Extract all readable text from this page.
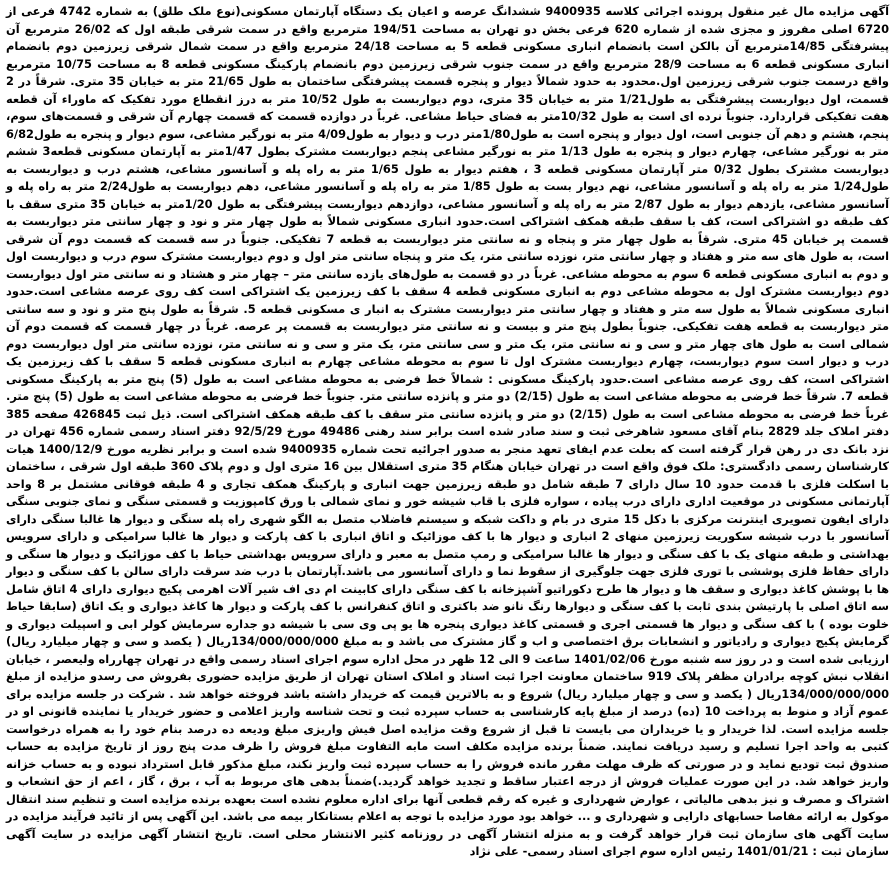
آگهی مزایده مال غیر منقول پرونده اجرائی کلاسه 9400935 ششدانگ عرصه و اعیان یک دستگاه آپارتمان مسکونی(نوع ملک طلق) به شماره 4742 فرعی از 6720 اصلی مفروز و مجزی شده از شماره 620 فرعی بخش دو تهران به مساحت 194/51 مترمربع واقع در سمت شرقی طبقه اول که 26/02 مترمربع آن پیشرفتگی 14/85مترمربع آن بالکن است بانضمام انباری مسکونی قطعه 5 به مساحت 24/18 مترمربع واقع در سمت شمال شرقی زیرزمین دوم بانضمام انباری مسکونی قطعه 6 به مساحت 28/9 مترمربع واقع در سمت جنوب شرقی زیرزمین دوم بانضمام پارکینگ مسکونی قطعه 8 به مساحت 10/75 مترمربع واقع درسمت جنوب شرقی زیرزمین اول.محدود به حدود شمالاً دیوار و پنجره قسمت پیشرفتگی ساختمان به طول 21/65 متر به خیابان 35 متری. شرقاً در 2 قسمت، اول دیواربست پیشرفتگی به طول1/21 متر به خیابان 35 متری، دوم دیواربست به طول 10/52 متر به درز انقطاع مورد تفکیک که ماوراء آن قطعه هفت تفکیکی قراردارد. جنوباً نرده ای است به طول 10/32متر به فضای حیاط مشاعی. غرباً در دوازده قسمت که قسمت چهارم آن شرقی و قسمت‌های سوم، پنجم، هشتم و دهم آن جنوبی است، اول دیوار و پنجره است به طول1/80متر درب و دیوار به طول4/09 متر به نورگیر مشاعی، سوم دیوار و پنجره به طول6/82 متر به نورگیر مشاعی، چهارم دیوار و پنجره به طول 1/13 متر به نورگیر مشاعی پنجم دیواربست مشترک بطول 1/47متر به آپارتمان مسکونی قطعه3 ششم دیواربست مشترک بطول 0/32 متر آپارتمان مسکونی قطعه 3 ، هفتم دیوار به طول 1/65 متر به راه پله و آسانسور مشاعی، هشتم درب و دیواربست به طول1/24 متر به راه پله و آسانسور مشاعی، نهم دیوار بست به طول 1/85 متر به راه پله و آسانسور مشاعی، دهم دیواربست به طول2/24 متر به راه پله و آسانسور مشاعی، یازدهم دیوار به طول 2/87 متر به راه پله و آسانسور مشاعی، دوازدهم دیواربست پیشرفتگی به طول 1/20متر به خیابان 35 متری سقف با کف طبقه دو اشتراکی است، کف با سقف طبقه همکف اشتراکی است.حدود انباری مسکونی شمالاً به طول چهار متر و نود و چهار سانتی متر دیواربست به قسمت پر خیابان 45 متری. شرقاً به طول چهار متر و پنجاه و نه سانتی متر دیواربست به قطعه 7 تفکیکی. جنوباً در سه قسمت که قسمت دوم آن شرقی است، به طول های سه متر و هفتاد و چهار سانتی متر، نوزده سانتی متر، یک متر و پنجاه سانتی متر اول و دوم دیواربست مشترک سوم درب و دیواربست اول و دوم به انباری مسکونی قطعه 6 سوم به محوطه مشاعی. غرباً در دو قسمت به طول‌های یازده سانتی متر – چهار متر و هشتاد و نه سانتی متر اول دیواربست دوم دیواربست مشترک اول به محوطه مشاعی دوم به انباری مسکونی قطعه 4 سقف با کف زیرزمین یک اشتراکی است کف روی عرصه مشاعی است.حدود انباری مسکونی شمالاً به طول سه متر و هفتاد و چهار سانتی متر دیواربست مشترک به انبار ی مسکونی قطعه 5. شرقاً به طول پنج متر و نود و سه سانتی متر دیواربست به قطعه هفت تفکیکی. جنوباً بطول پنج متر و بیست و نه سانتی متر دیواربست به قسمت پر عرصه. غرباً در چهار قسمت که قسمت دوم آن شمالی است به طول های چهار متر و سی و نه سانتی متر، یک متر و سی سانتی متر، یک متر و سی و نه سانتی متر، نوزده سانتی متر اول دیواربست دوم درب و دیوار است سوم دیواربست، چهارم دیواربست مشترک اول تا سوم به محوطه مشاعی چهارم به انباری مسکونی قطعه 5 سقف با کف زیرزمین یک اشتراکی است، کف روی عرصه مشاعی است.حدود پارکینگ مسکونی : شمالاً خط فرضی به محوطه مشاعی است به طول (5) پنج متر به پارکینگ مسکونی قطعه 7. شرقاً خط فرضی به محوطه مشاعی است به طول (2/15) دو متر و پانزده سانتی متر. جنوباً خط فرضی به محوطه مشاعی است به طول (5) پنج متر. غرباً خط فرضی به محوطه مشاعی است به طول (2/15) دو متر و پانزده سانتی متر سقف با کف طبقه همکف اشتراکی است. ذیل ثبت 426845 صفحه 385 دفتر املاک جلد 2829 بنام آقای مسعود شاهرخی ثبت و سند صادر شده است برابر سند رهنی 49486 مورخ 92/5/29 دفتر اسناد رسمی شماره 456 تهران در نزد بانک دی در رهن قرار گرفته است که بعلت عدم ایفای تعهد منجر به صدور اجرائیه تحت شماره 9400935 شده است و برابر نظریه مورخ 1400/12/9 هیات کارشناسان رسمی دادگستری: ملک فوق واقع است در تهران خیابان هنگام 35 متری استقلال بین 16 متری اول و دوم پلاک 360 طبقه اول شرقی ، ساختمان با اسکلت فلزی با قدمت حدود 10 سال دارای 7 طبقه شامل دو طبقه زیرزمین جهت انباری و پارکینگ همکف تجاری و 4 طبقه فوقانی مشتمل بر 8 واحد آپارتمانی مسکونی در موقعیت اداری دارای درب پیاده ، سواره فلزی با قاب شیشه خور و نمای شمالی با ورق کامپوزیت و قسمتی سنگی و نمای جنوبی سنگی دارای ایفون تصویری اینترنت مرکزی با دکل 15 متری در بام و داکت شبکه و سیستم فاضلاب متصل به الگو شهری راه پله سنگی و دیوار ها غالبا سنگی دارای آسانسور با درب شیشه سکوریت زیرزمین منهای 2 انباری و دیوار ها با کف موزائیک و اتاق انباری با کف پارکت و دیوار ها غالبا سرامیکی و دارای سرویس بهداشتی و طبقه منهای یک با کف سنگی و دیوار ها غالبا سرامیکی و رمپ متصل به معبر و دارای سرویس بهداشتی حیاط با کف موزائیک و دیوار ها سنگی و دارای حفاظ فلزی پوششی با توری فلزی جهت جلوگیری از سقوط نما و دارای آسانسور می باشد.آپارتمان با درب ضد سرقت دارای سالن با کف سنگی و دیوار ها با پوشش کاغذ دیواری و سقف ها و دیوار ها طرح دکوراتیو آشپزخانه با کف سنگی دارای کابینت ام دی اف شیر آلات اهرمی پکیج دیواری دارای 4 اتاق شامل سه اتاق اصلی با پارتیشن بندی ثابت با کف سنگی و دیوارها رنگ نانو ضد باکتری و اتاق کنفرانس با کف پارکت و دیوار ها کاغذ دیواری و یک اتاق (سابقا حیاط خلوت بوده ) با کف سنگی و دیوار ها قسمتی اجری و قسمتی کاغذ دیواری پنجره ها یو پی وی سی با شیشه دو جداره سرمایش کولر ابی و اسپیلت دیواری و گرمایش پکیج دیواری و رادیاتور و انشعابات برق اختصاصی و اب و گاز مشترک می باشد و به مبلغ 134/000/000/000ریال ( یکصد و سی و چهار میلیارد ریال) ارزیابی شده است و در روز سه شنبه مورخ 1401/02/06 ساعت 9 الی 12 ظهر در محل اداره سوم اجرای اسناد رسمی واقع در تهران چهارراه ولیعصر ، خیابان انقلاب نبش کوچه برادران مظفر پلاک 919 ساختمان معاونت اجرا ثبت اسناد و املاک استان تهران از طریق مزایده حضوری بفروش می رسدو مزایده از مبلغ 134/000/000/000ریال ( یکصد و سی و چهار میلیارد ریال) شروع و به بالاترین قیمت که خریدار داشته باشد فروخته خواهد شد . شرکت در جلسه مزایده برای عموم آزاد و منوط به پرداخت 10 (ده) درصد از مبلغ پایه کارشناسی به حساب سپرده ثبت و تحت شناسه واریز اعلامی و حضور خریدار یا نماینده قانونی او در جلسه مزایده است. لذا خریدار و یا خریداران می بایست تا قبل از شروع وقت مزایده اصل فیش واریزی مبلغ ودیعه ده درصد بنام خود را به همراه درخواست کتبی به واحد اجرا تسلیم و رسید دریافت نمایند. ضمناً برنده مزایده مکلف است مابه التفاوت مبلغ فروش را ظرف مدت پنج روز از تاریخ مزایده به حساب صندوق ثبت تودیع نماید و در صورتی که ظرف مهلت مقرر مانده فروش را به حساب سپرده ثبت واریز نکند، مبلغ مذکور قابل استرداد نبوده و به حساب خزانه واریز خواهد شد. در این صورت عملیات فروش از درجه اعتبار ساقط و تجدید خواهد گردید.)ضمناً بدهی های مربوط به آب ، برق ، گاز ، اعم از حق انشعاب و اشتراک و مصرف و نیز بدهی مالیاتی ، عوارض شهرداری و غیره که رقم قطعی آنها برای اداره معلوم نشده است بعهده برنده مزایده است و تنظیم سند انتقال موکول به ارائه مفاصا حسابهای دارایی و شهرداری و ... خواهد بود مورد مزایده با توجه به اعلام بستانکار بیمه می باشد. این آگهی پس از تائید فرآیند مزایده در سایت آگهی های سازمان ثبت قرار خواهد گرفت و به منزله انتشار آگهی در روزنامه کثیر الانتشار محلی است. تاریخ انتشار آگهی مزایده در سایت آگهی سازمان ثبت : 1401/01/21 رئیس اداره سوم اجرای اسناد رسمی- علی نژاد
